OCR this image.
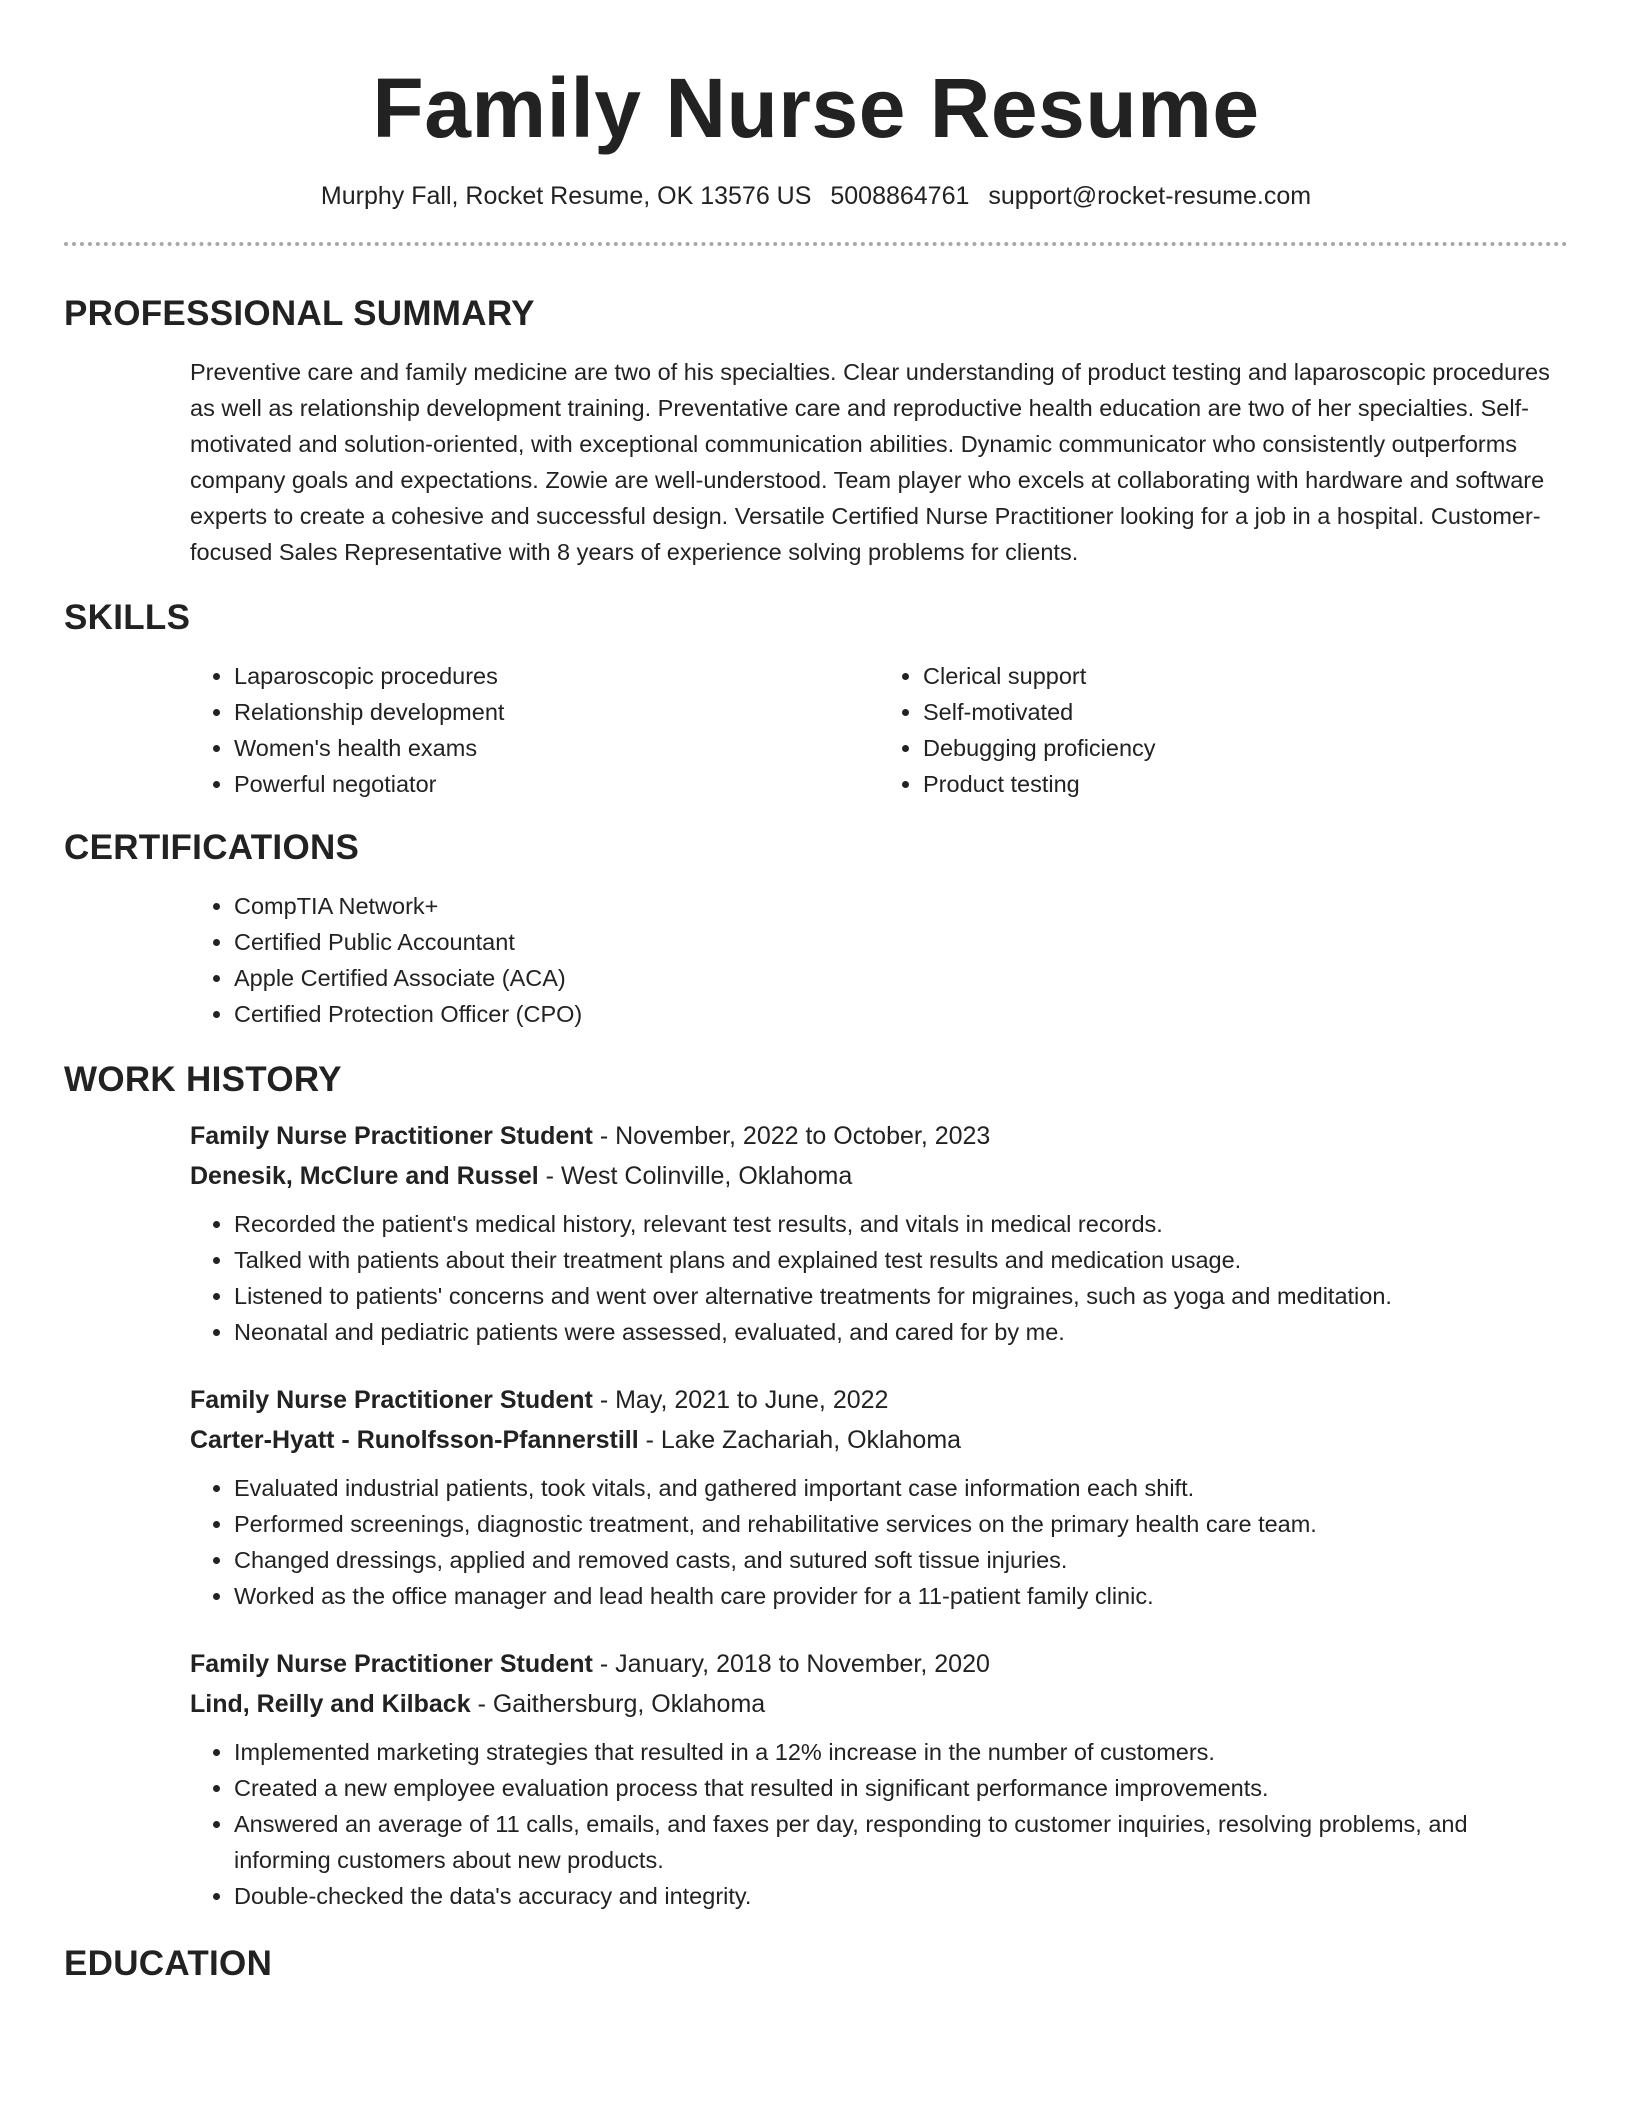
Family Nurse Resume
Murphy Fall, Rocket Resume, OK 13576 US 5008864761 support@rocket-resume.com
PROFESSIONAL SUMMARY

Preventive care and family medicine are two of his specialties. Clear understanding of product testing and laparoscopic procedures as well as relationship development training. Preventative care and reproductive health education are two of her specialties. Self-motivated and solution-oriented, with exceptional communication abilities. Dynamic communicator who consistently outperforms company goals and expectations. Zowie are well-understood. Team player who excels at collaborating with hardware and software experts to create a cohesive and successful design. Versatile Certified Nurse Practitioner looking for a job in a hospital. Customer-focused Sales Representative with 8 years of experience solving problems for clients.

SKILLS
• Laparoscopic procedures
• Relationship development
• Women's health exams
• Powerful negotiator
• Clerical support
• Self-motivated
• Debugging proficiency
• Product testing
CERTIFICATIONS
• CompTIA Network+
• Certified Public Accountant
• Apple Certified Associate (ACA)
• Certified Protection Officer (CPO)
WORK HISTORY
Family Nurse Practitioner Student - November, 2022 to October, 2023
Denesik, McClure and Russel - West Colinville, Oklahoma
• Recorded the patient's medical history, relevant test results, and vitals in medical records.
• Talked with patients about their treatment plans and explained test results and medication usage.
• Listened to patients' concerns and went over alternative treatments for migraines, such as yoga and meditation.
• Neonatal and pediatric patients were assessed, evaluated, and cared for by me.
Family Nurse Practitioner Student - May, 2021 to June, 2022
Carter-Hyatt - Runolfsson-Pfannerstill - Lake Zachariah, Oklahoma
• Evaluated industrial patients, took vitals, and gathered important case information each shift.
• Performed screenings, diagnostic treatment, and rehabilitative services on the primary health care team.
• Changed dressings, applied and removed casts, and sutured soft tissue injuries.
• Worked as the office manager and lead health care provider for a 11-patient family clinic.
Family Nurse Practitioner Student - January, 2018 to November, 2020
Lind, Reilly and Kilback - Gaithersburg, Oklahoma
• Implemented marketing strategies that resulted in a 12% increase in the number of customers.
• Created a new employee evaluation process that resulted in significant performance improvements.
• Answered an average of 11 calls, emails, and faxes per day, responding to customer inquiries, resolving problems, and informing customers about new products.
• Double-checked the data's accuracy and integrity.
EDUCATION
